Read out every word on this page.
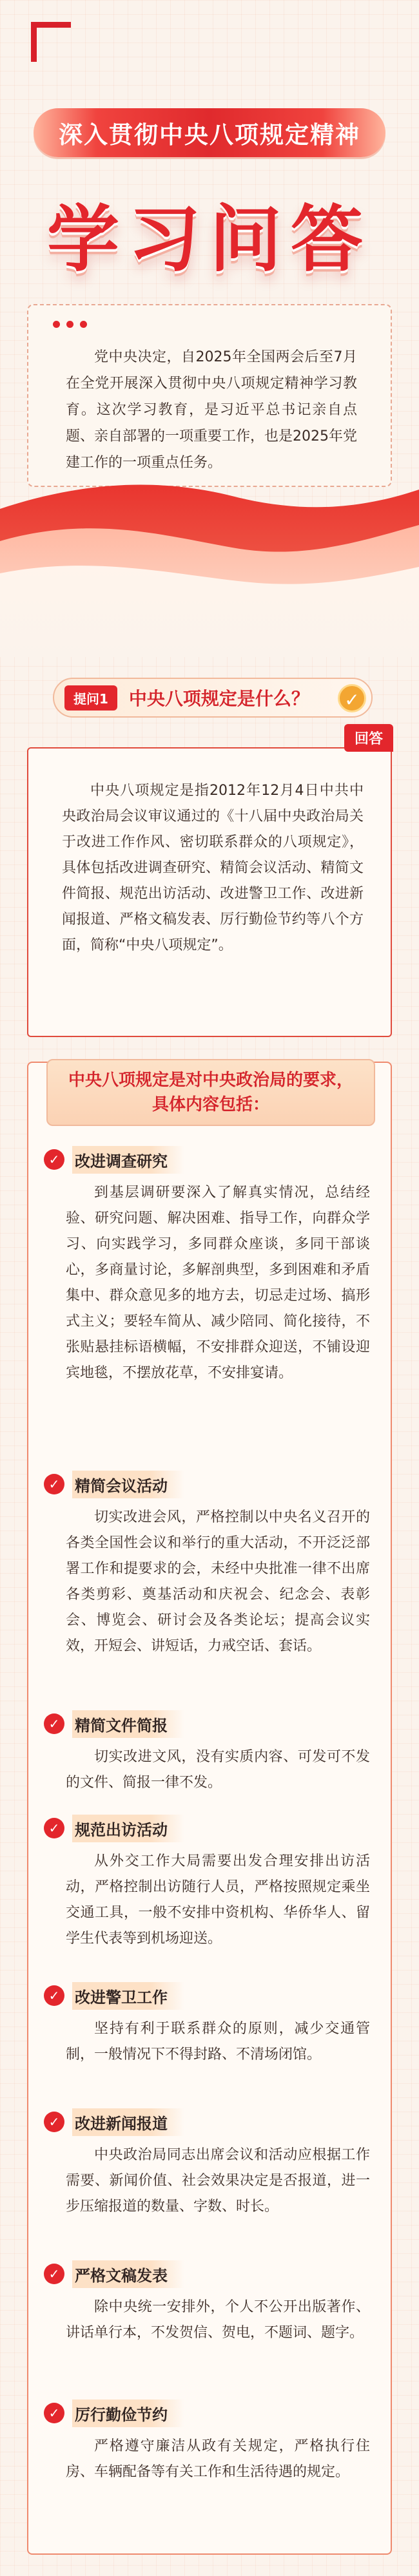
深入贯彻中央八项规定精神
学习问答

党中央决定，自2025年全国两会后至7月在全党开展深入贯彻中央八项规定精神学习教育。这次学习教育，是习近平总书记亲自点题、亲自部署的一项重要工作，也是2025年党建工作的一项重点任务。

提问1	中央八项规定是什么？	✓
回答

中央八项规定是指2012年12月4日中共中央政治局会议审议通过的《十八届中央政治局关于改进工作作风、密切联系群众的八项规定》，具体包括改进调查研究、精简会议活动、精简文件简报、规范出访活动、改进警卫工作、改进新闻报道、严格文稿发表、厉行勤俭节约等八个方面，简称“中央八项规定”。

中央八项规定是对中央政治局的要求，
具体内容包括：
✓ 改进调查研究

到基层调研要深入了解真实情况，总结经验、研究问题、解决困难、指导工作，向群众学习、向实践学习，多同群众座谈，多同干部谈心，多商量讨论，多解剖典型，多到困难和矛盾集中、群众意见多的地方去，切忌走过场、搞形式主义；要轻车简从、减少陪同、简化接待，不张贴悬挂标语横幅，不安排群众迎送，不铺设迎宾地毯，不摆放花草，不安排宴请。

✓ 精简会议活动

切实改进会风，严格控制以中央名义召开的各类全国性会议和举行的重大活动，不开泛泛部署工作和提要求的会，未经中央批准一律不出席各类剪彩、奠基活动和庆祝会、纪念会、表彰会、博览会、研讨会及各类论坛；提高会议实效，开短会、讲短话，力戒空话、套话。

✓ 精简文件简报

切实改进文风，没有实质内容、可发可不发的文件、简报一律不发。

✓ 规范出访活动

从外交工作大局需要出发合理安排出访活动，严格控制出访随行人员，严格按照规定乘坐交通工具，一般不安排中资机构、华侨华人、留学生代表等到机场迎送。

✓ 改进警卫工作

坚持有利于联系群众的原则，减少交通管制，一般情况下不得封路、不清场闭馆。

✓ 改进新闻报道

中央政治局同志出席会议和活动应根据工作需要、新闻价值、社会效果决定是否报道，进一步压缩报道的数量、字数、时长。

✓ 严格文稿发表

除中央统一安排外，个人不公开出版著作、讲话单行本，不发贺信、贺电，不题词、题字。

✓ 厉行勤俭节约

严格遵守廉洁从政有关规定，严格执行住房、车辆配备等有关工作和生活待遇的规定。
